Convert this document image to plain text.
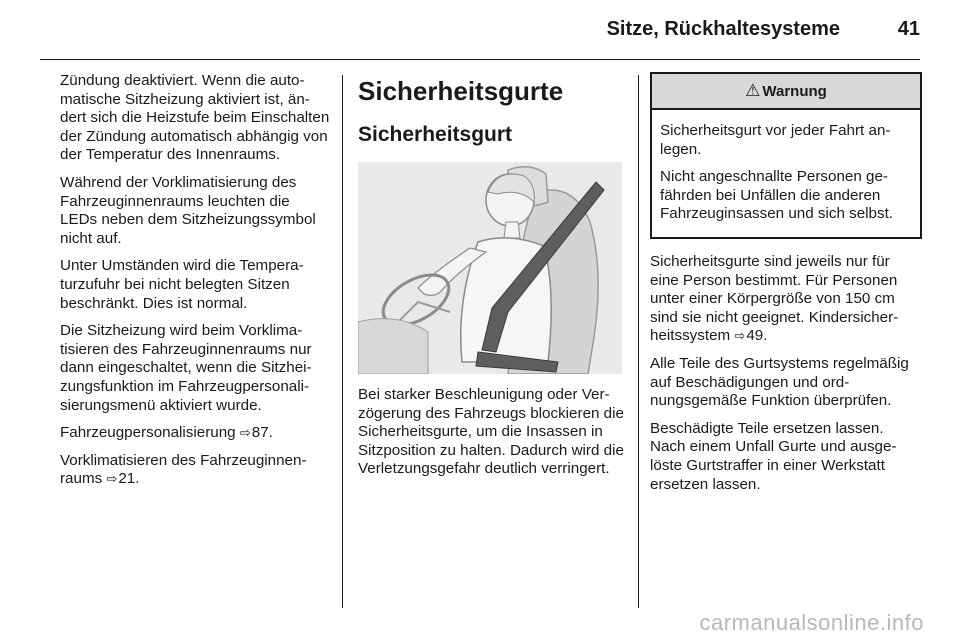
Sitze, Rückhaltesysteme	41

Zündung deaktiviert. Wenn die automatische Sitzheizung aktiviert ist, ändert sich die Heizstufe beim Einschalten der Zündung automatisch abhängig von der Temperatur des Innenraums.

Während der Vorklimatisierung des Fahrzeuginnenraums leuchten die LEDs neben dem Sitzheizungssymbol nicht auf.

Unter Umständen wird die Temperaturzufuhr bei nicht belegten Sitzen beschränkt. Dies ist normal.

Die Sitzheizung wird beim Vorklimatisieren des Fahrzeuginnenraums nur dann eingeschaltet, wenn die Sitzheizungsfunktion im Fahrzeugpersonalisierungsmenü aktiviert wurde.

Fahrzeugpersonalisierung ⇨87.

Vorklimatisieren des Fahrzeuginnenraums ⇨21.

Sicherheitsgurte
Sicherheitsgurt

Bei starker Beschleunigung oder Verzögerung des Fahrzeugs blockieren die Sicherheitsgurte, um die Insassen in Sitzposition zu halten. Dadurch wird die Verletzungsgefahr deutlich verringert.

⚠ Warnung

Sicherheitsgurt vor jeder Fahrt anlegen.

Nicht angeschnallte Personen gefährden bei Unfällen die anderen Fahrzeuginsassen und sich selbst.

Sicherheitsgurte sind jeweils nur für eine Person bestimmt. Für Personen unter einer Körpergröße von 150 cm sind sie nicht geeignet. Kindersicherheitssystem ⇨49.

Alle Teile des Gurtsystems regelmäßig auf Beschädigungen und ordnungsgemäße Funktion überprüfen.

Beschädigte Teile ersetzen lassen. Nach einem Unfall Gurte und ausgelöste Gurtstraffer in einer Werkstatt ersetzen lassen.

carmanualsonline.info
